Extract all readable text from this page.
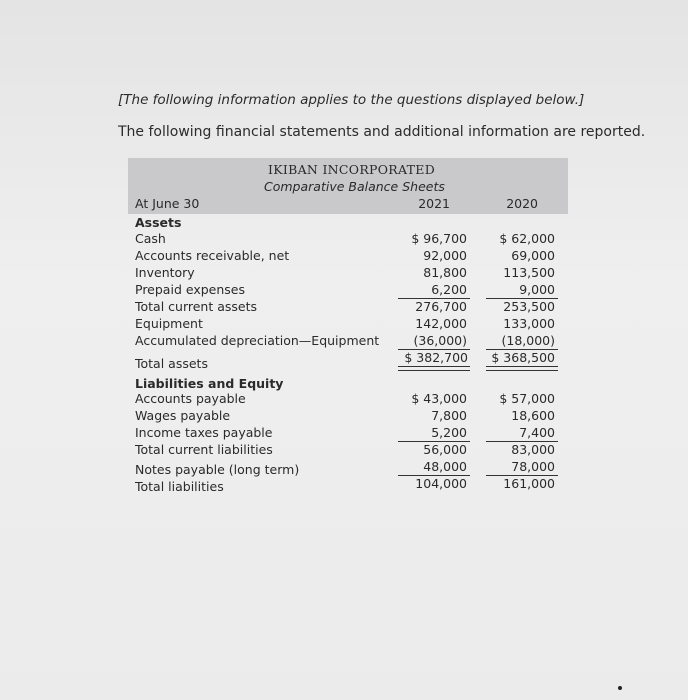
[The following information applies to the questions displayed below.]
The following financial statements and additional information are reported.
IKIBAN INCORPORATED
Comparative Balance Sheets
At June 30	2021	2020
Assets
Cash	$ 96,700	$ 62,000
Accounts receivable, net	92,000	69,000
Inventory	81,800	113,500
Prepaid expenses	6,200	9,000
Total current assets	276,700	253,500
Equipment	142,000	133,000
Accumulated depreciation—Equipment	(36,000)	(18,000)
Total assets	$ 382,700 $ 368,500
Liabilities and Equity
Accounts payable	$ 43,000	$ 57,000
Wages payable	7,800	18,600
Income taxes payable	5,200	7,400
Total current liabilities	56,000	83,000
Notes payable (long term)	48,000	78,000
Total liabilities	104,000	161,000
